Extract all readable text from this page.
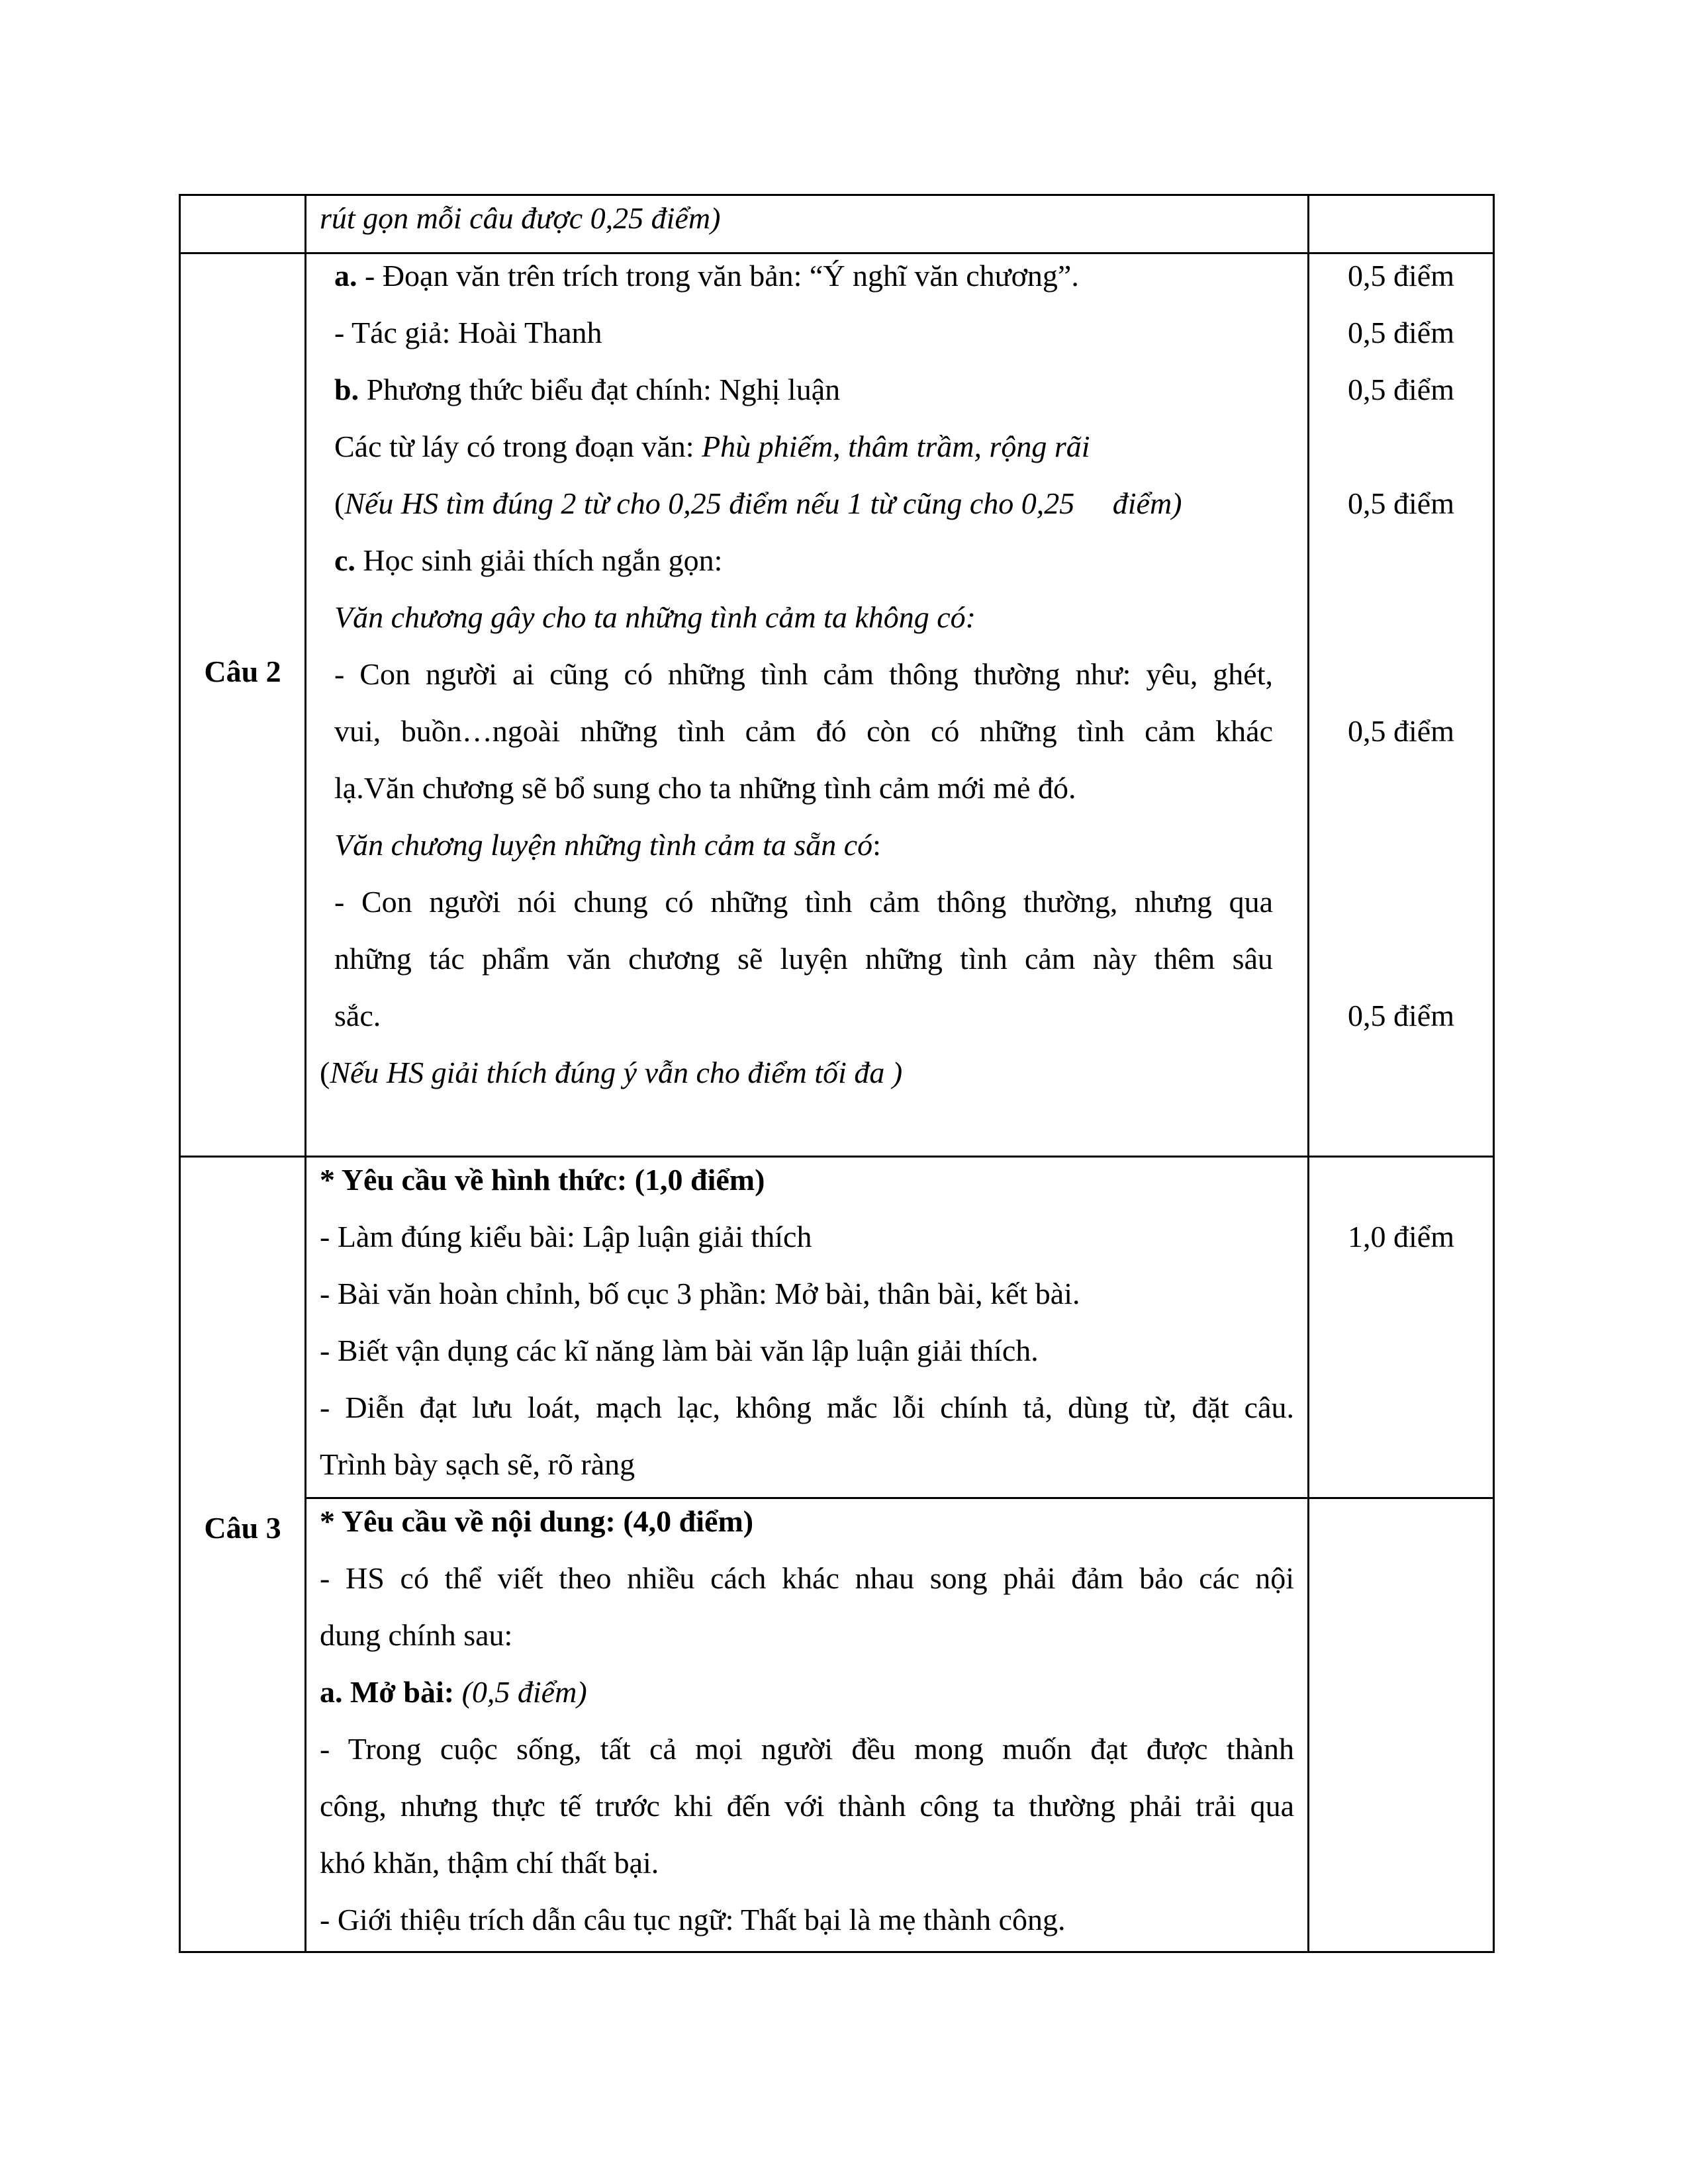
rút gọn mỗi câu được 0,25 điểm)
Câu 2
a. - Đoạn văn trên trích trong văn bản: “Ý nghĩ văn chương”.
- Tác giả: Hoài Thanh
b. Phương thức biểu đạt chính: Nghị luận
Các từ láy có trong đoạn văn: Phù phiếm, thâm trầm, rộng rãi
(Nếu HS tìm đúng 2 từ cho 0,25 điểm nếu 1 từ cũng cho 0,25     điểm)
c. Học sinh giải thích ngắn gọn:
Văn chương gây cho ta những tình cảm ta không có:
- Con người ai cũng có những tình cảm thông thường như: yêu, ghét,
vui, buồn…ngoài những tình cảm đó còn có những tình cảm khác
lạ.Văn chương sẽ bổ sung cho ta những tình cảm mới mẻ đó.
Văn chương luyện những tình cảm ta sẵn có:
- Con người nói chung có những tình cảm thông thường, nhưng qua
những tác phẩm văn chương sẽ luyện những tình cảm này thêm sâu
sắc.
(Nếu HS giải thích đúng ý vẫn cho điểm tối đa )
0,5 điểm
0,5 điểm
0,5 điểm
0,5 điểm
0,5 điểm
0,5 điểm
Câu 3
* Yêu cầu về hình thức: (1,0 điểm)
- Làm đúng kiểu bài: Lập luận giải thích
- Bài văn hoàn chỉnh, bố cục 3 phần: Mở bài, thân bài, kết bài.
- Biết vận dụng các kĩ năng làm bài văn lập luận giải thích.
- Diễn đạt lưu loát, mạch lạc, không mắc lỗi chính tả, dùng từ, đặt câu.
Trình bày sạch sẽ, rõ ràng
1,0 điểm
* Yêu cầu về nội dung: (4,0 điểm)
- HS có thể viết theo nhiều cách khác nhau song phải đảm bảo các nội
dung chính sau:
a. Mở bài: (0,5 điểm)
- Trong cuộc sống, tất cả mọi người đều mong muốn đạt được thành
công, nhưng thực tế trước khi đến với thành công ta thường phải trải qua
khó khăn, thậm chí thất bại.
- Giới thiệu trích dẫn câu tục ngữ: Thất bại là mẹ thành công.
